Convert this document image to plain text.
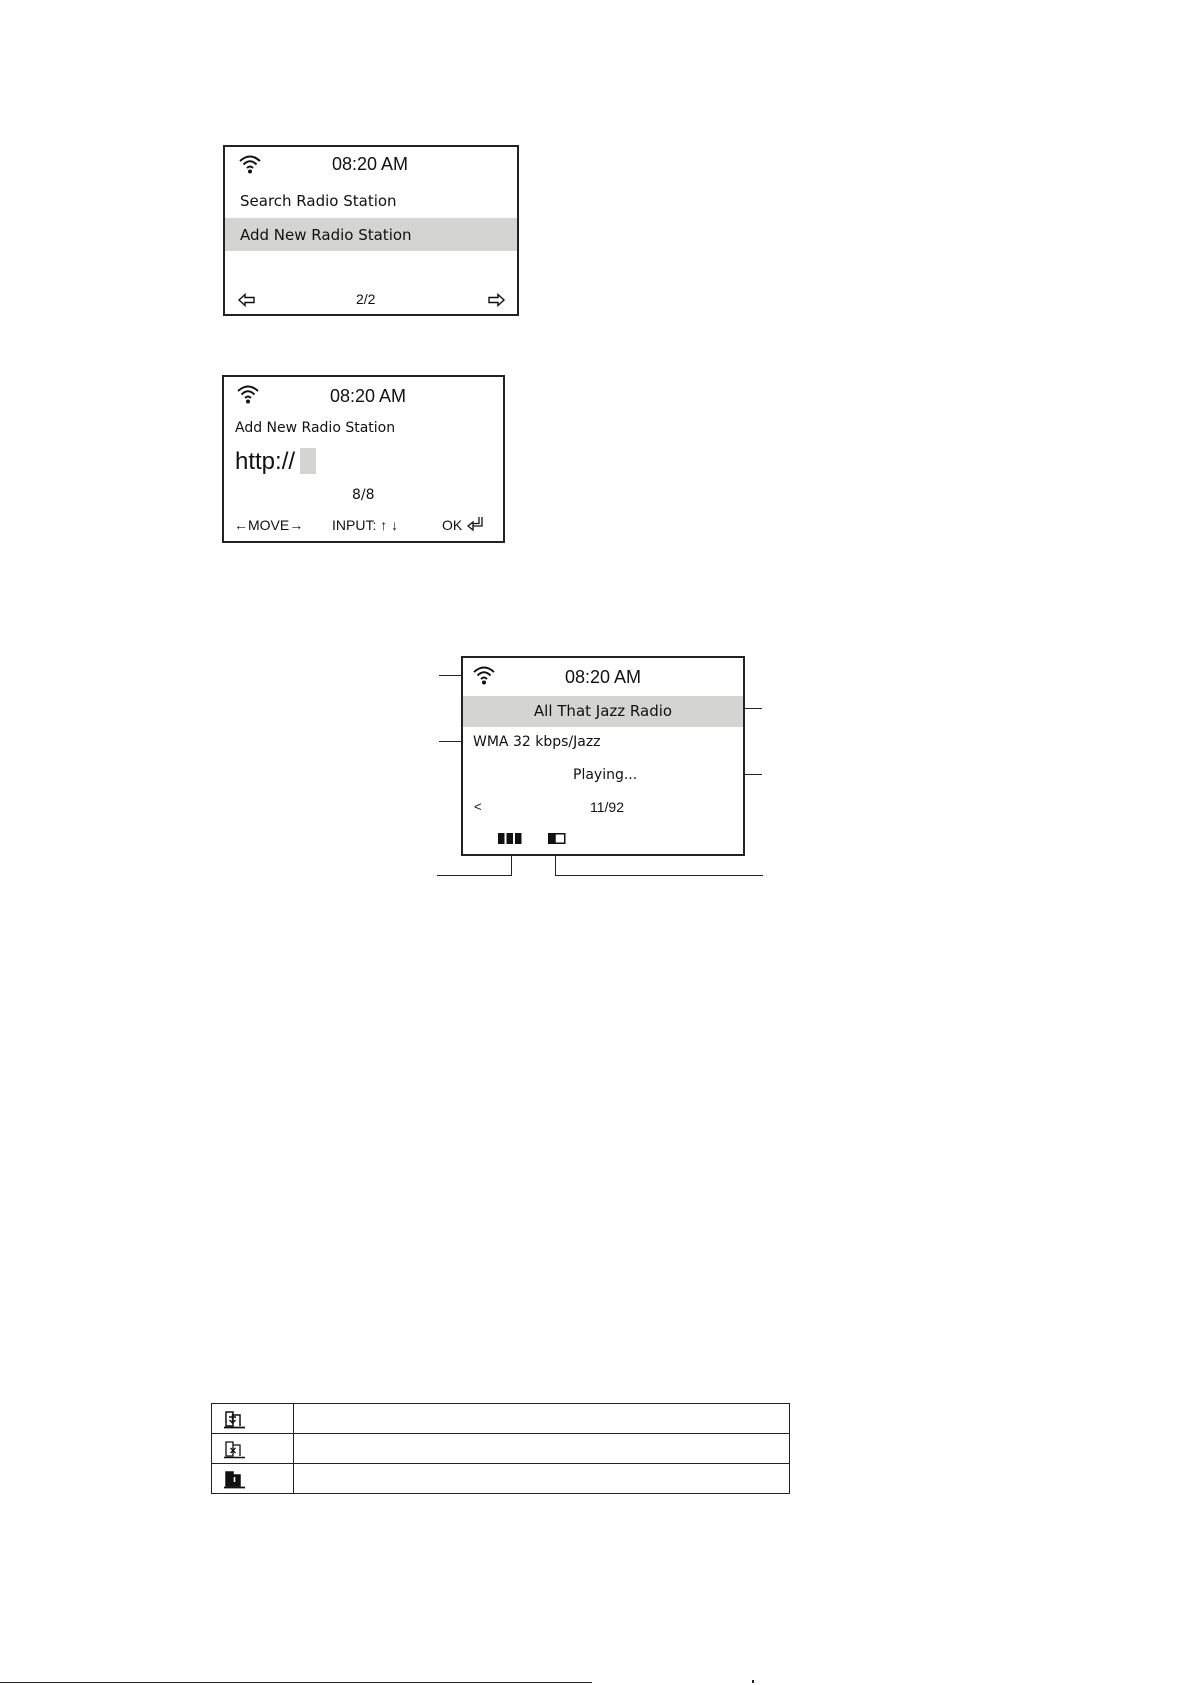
08:20 AM
Search Radio Station
Add New Radio Station
2/2
08:20 AM
Add New Radio Station
http://
8/8
←MOVE→ INPUT: ↑ ↓	OK
08:20 AM
All That Jazz Radio
WMA 32 kbps/Jazz
Playing...
<	11/92
